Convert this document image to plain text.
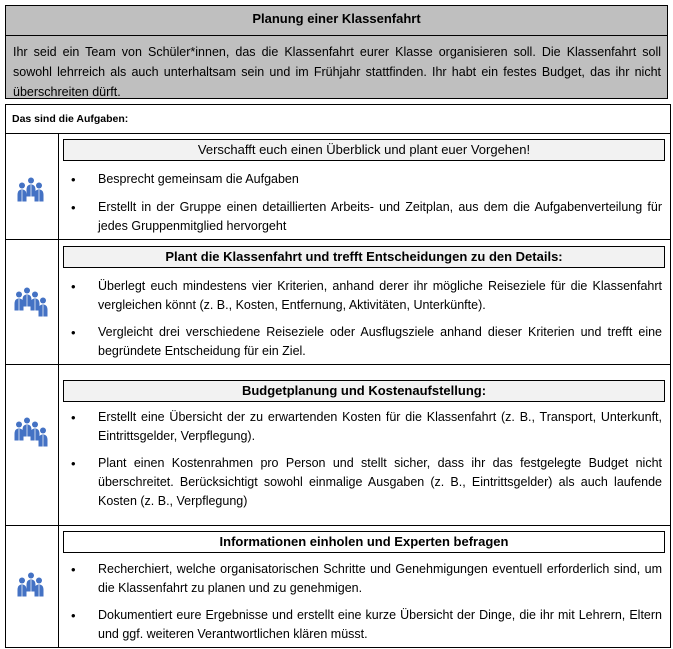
Planung einer Klassenfahrt
Ihr seid ein Team von Schüler*innen, das die Klassenfahrt eurer Klasse organisieren soll. Die Klassenfahrt soll sowohl lehrreich als auch unterhaltsam sein und im Frühjahr stattfinden. Ihr habt ein festes Budget, das ihr nicht überschreiten dürft.
Das sind die Aufgaben:
Verschafft euch einen Überblick und plant euer Vorgehen!
• Besprecht gemeinsam die Aufgaben
• Erstellt in der Gruppe einen detaillierten Arbeits- und Zeitplan, aus dem die Aufgabenverteilung für jedes Gruppenmitglied hervorgeht
Plant die Klassenfahrt und trefft Entscheidungen zu den Details:
• Überlegt euch mindestens vier Kriterien, anhand derer ihr mögliche Reiseziele für die Klassenfahrt vergleichen könnt (z. B., Kosten, Entfernung, Aktivitäten, Unterkünfte).
• Vergleicht drei verschiedene Reiseziele oder Ausflugsziele anhand dieser Kriterien und trefft eine begründete Entscheidung für ein Ziel.
Budgetplanung und Kostenaufstellung:
• Erstellt eine Übersicht der zu erwartenden Kosten für die Klassenfahrt (z. B., Transport, Unterkunft, Eintrittsgelder, Verpflegung).
• Plant einen Kostenrahmen pro Person und stellt sicher, dass ihr das festgelegte Budget nicht überschreitet. Berücksichtigt sowohl einmalige Ausgaben (z. B., Eintrittsgelder) als auch laufende Kosten (z. B., Verpflegung)
Informationen einholen und Experten befragen
• Recherchiert, welche organisatorischen Schritte und Genehmigungen eventuell erforderlich sind, um die Klassenfahrt zu planen und zu genehmigen.
• Dokumentiert eure Ergebnisse und erstellt eine kurze Übersicht der Dinge, die ihr mit Lehrern, Eltern und ggf. weiteren Verantwortlichen klären müsst.
